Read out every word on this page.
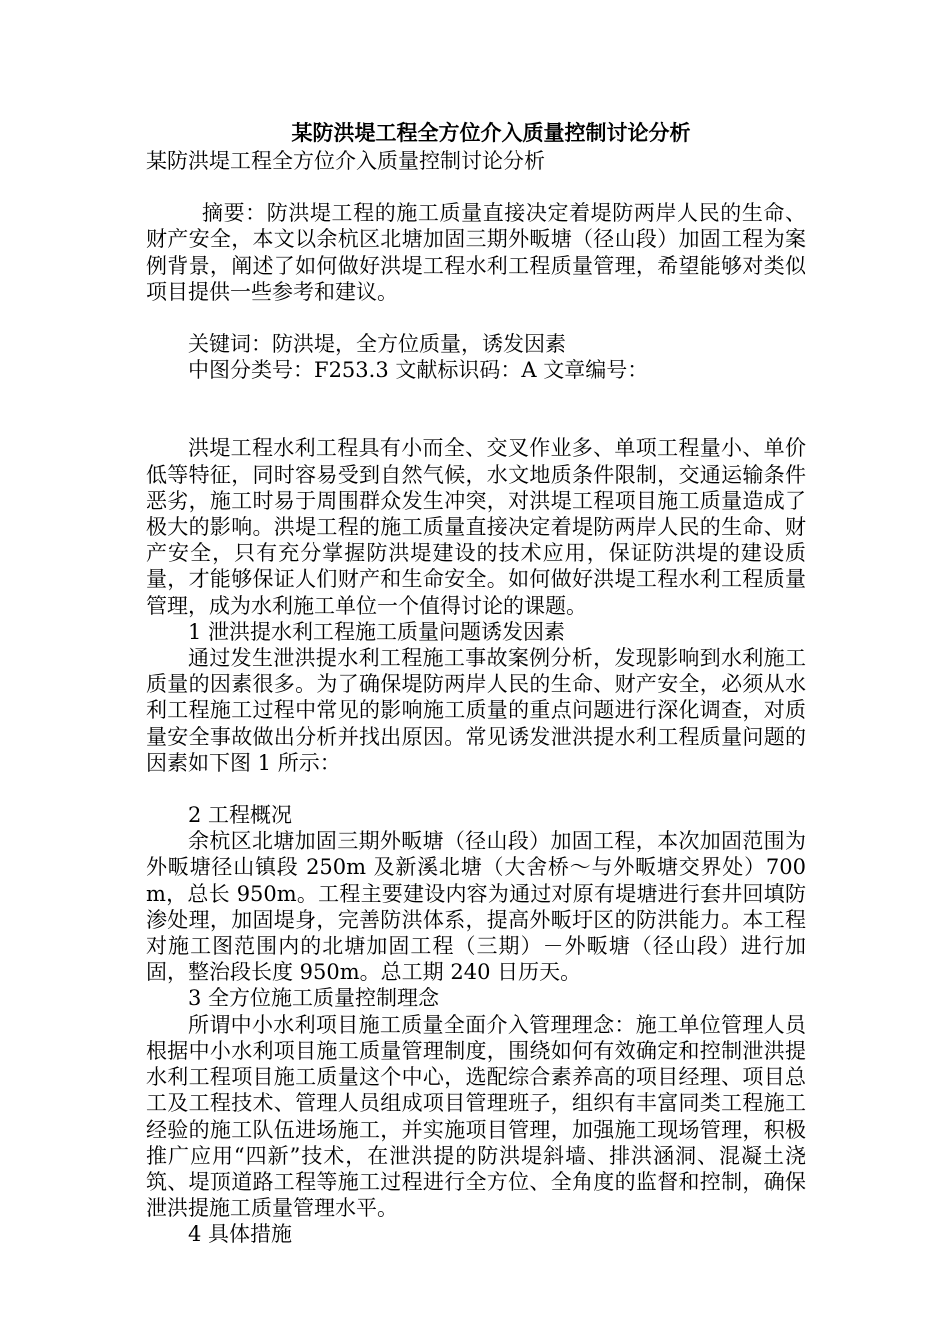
某防洪堤工程全方位介入质量控制讨论分析

某防洪堤工程全方位介入质量控制讨论分析

摘要：防洪堤工程的施工质量直接决定着堤防两岸人民的生命、财产安全，本文以余杭区北塘加固三期外畈塘（径山段）加固工程为案例背景，阐述了如何做好洪堤工程水利工程质量管理，希望能够对类似项目提供一些参考和建议。

关键词：防洪堤，全方位质量，诱发因素

中图分类号：F253.3 文献标识码：A 文章编号：

洪堤工程水利工程具有小而全、交叉作业多、单项工程量小、单价低等特征，同时容易受到自然气候，水文地质条件限制，交通运输条件恶劣，施工时易于周围群众发生冲突，对洪堤工程项目施工质量造成了极大的影响。洪堤工程的施工质量直接决定着堤防两岸人民的生命、财产安全，只有充分掌握防洪堤建设的技术应用，保证防洪堤的建设质量，才能够保证人们财产和生命安全。如何做好洪堤工程水利工程质量管理，成为水利施工单位一个值得讨论的课题。

1 泄洪提水利工程施工质量问题诱发因素

通过发生泄洪提水利工程施工事故案例分析，发现影响到水利施工质量的因素很多。为了确保堤防两岸人民的生命、财产安全，必须从水利工程施工过程中常见的影响施工质量的重点问题进行深化调查，对质量安全事故做出分析并找出原因。常见诱发泄洪提水利工程质量问题的因素如下图 1 所示：

2 工程概况

余杭区北塘加固三期外畈塘（径山段）加固工程，本次加固范围为外畈塘径山镇段 250m 及新溪北塘（大舍桥～与外畈塘交界处）700m，总长 950m。工程主要建设内容为通过对原有堤塘进行套井回填防渗处理，加固堤身，完善防洪体系，提高外畈圩区的防洪能力。本工程对施工图范围内的北塘加固工程（三期）－外畈塘（径山段）进行加固，整治段长度 950m。总工期 240 日历天。

3 全方位施工质量控制理念

所谓中小水利项目施工质量全面介入管理理念：施工单位管理人员根据中小水利项目施工质量管理制度，围绕如何有效确定和控制泄洪提水利工程项目施工质量这个中心，选配综合素养高的项目经理、项目总工及工程技术、管理人员组成项目管理班子，组织有丰富同类工程施工经验的施工队伍进场施工，并实施项目管理，加强施工现场管理，积极推广应用“四新”技术，在泄洪提的防洪堤斜墙、排洪涵洞、混凝土浇筑、堤顶道路工程等施工过程进行全方位、全角度的监督和控制，确保泄洪提施工质量管理水平。

4 具体措施
